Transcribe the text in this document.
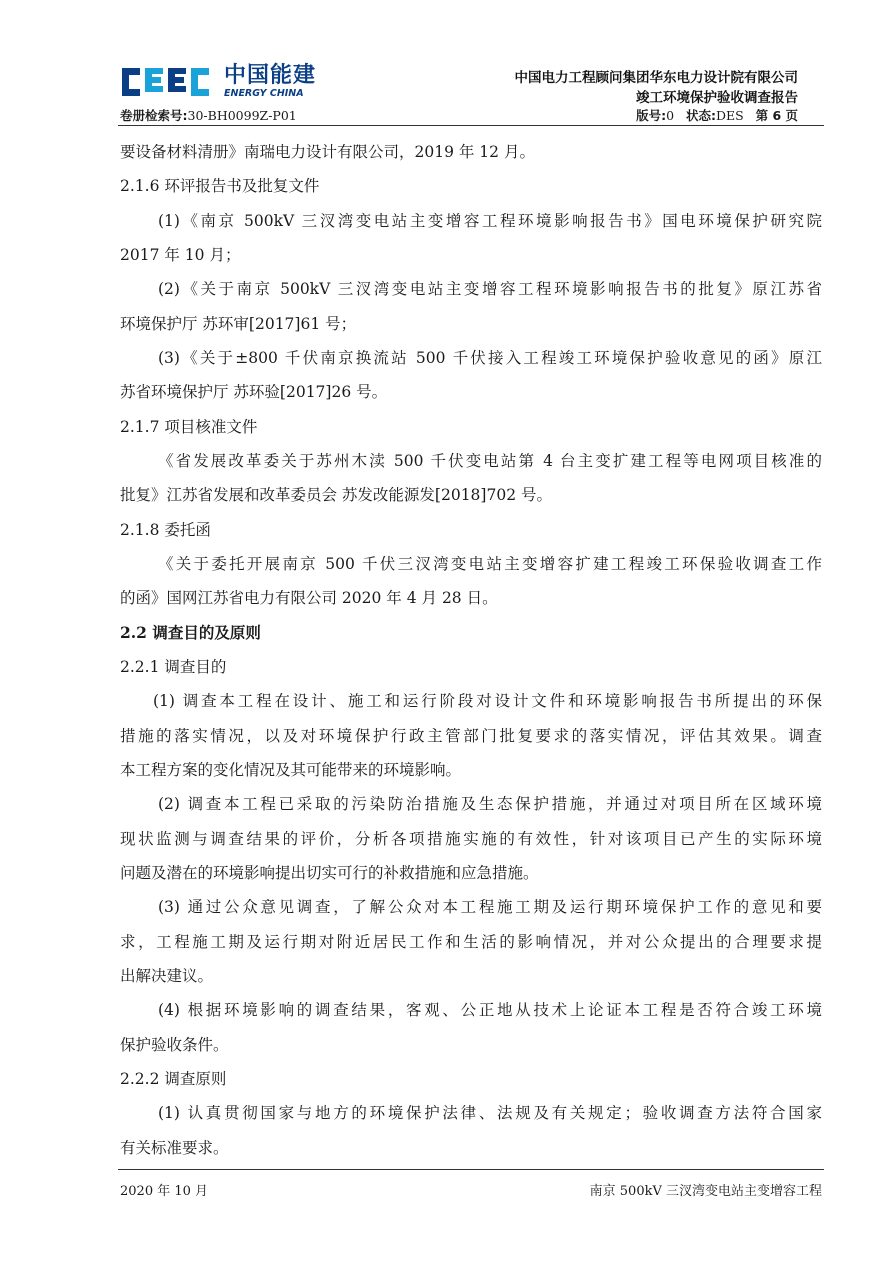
中国能建
ENERGY CHINA
中国电力工程顾问集团华东电力设计院有限公司
竣工环境保护验收调查报告
卷册检索号:30-BH0099Z-P01	版号:0 状态:DES 第 6 页
要设备材料清册》南瑞电力设计有限公司，2019 年 12 月。
2.1.6 环评报告书及批复文件
(1)《南京 500kV 三汊湾变电站主变增容工程环境影响报告书》国电环境保护研究院
2017 年 10 月；
(2)《关于南京 500kV 三汊湾变电站主变增容工程环境影响报告书的批复》原江苏省
环境保护厅 苏环审[2017]61 号；
(3)《关于±800 千伏南京换流站 500 千伏接入工程竣工环境保护验收意见的函》原江
苏省环境保护厅 苏环验[2017]26 号。
2.1.7 项目核准文件
《省发展改革委关于苏州木渎 500 千伏变电站第 4 台主变扩建工程等电网项目核准的
批复》江苏省发展和改革委员会 苏发改能源发[2018]702 号。
2.1.8 委托函
《关于委托开展南京 500 千伏三汊湾变电站主变增容扩建工程竣工环保验收调查工作
的函》国网江苏省电力有限公司 2020 年 4 月 28 日。
2.2 调查目的及原则
2.2.1 调查目的
(1) 调查本工程在设计、施工和运行阶段对设计文件和环境影响报告书所提出的环保
措施的落实情况，以及对环境保护行政主管部门批复要求的落实情况，评估其效果。调查
本工程方案的变化情况及其可能带来的环境影响。
(2) 调查本工程已采取的污染防治措施及生态保护措施，并通过对项目所在区域环境
现状监测与调查结果的评价，分析各项措施实施的有效性，针对该项目已产生的实际环境
问题及潜在的环境影响提出切实可行的补救措施和应急措施。
(3) 通过公众意见调查，了解公众对本工程施工期及运行期环境保护工作的意见和要
求，工程施工期及运行期对附近居民工作和生活的影响情况，并对公众提出的合理要求提
出解决建议。
(4) 根据环境影响的调查结果，客观、公正地从技术上论证本工程是否符合竣工环境
保护验收条件。
2.2.2 调查原则
(1) 认真贯彻国家与地方的环境保护法律、法规及有关规定；验收调查方法符合国家
有关标准要求。
2020 年 10 月	南京 500kV 三汊湾变电站主变增容工程
